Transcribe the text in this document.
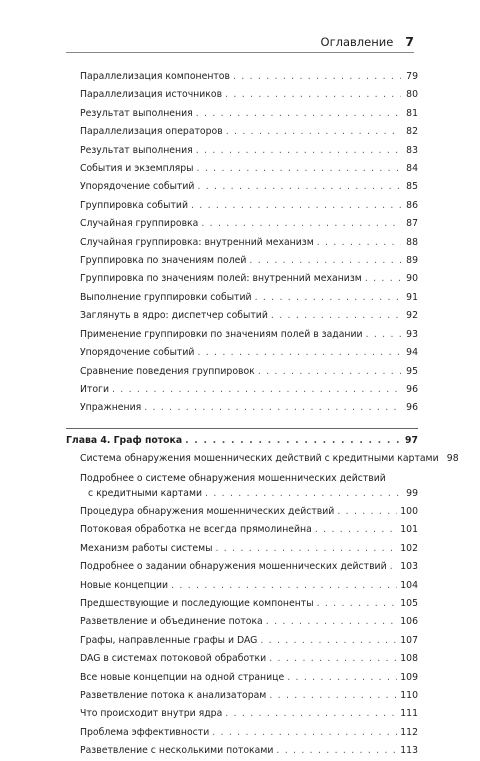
Оглавление 7
Параллелизация компонентов . . .	79
Параллелизация источников . . .	80
Результат выполнения . . .	81
Параллелизация операторов . . .	82
Результат выполнения . . .	83
События и экземпляры . . .	84
Упорядочение событий . . .	85
Группировка событий . . .	86
Случайная группировка . . .	87
Случайная группировка: внутренний механизм . . .	88
Группировка по значениям полей . . .	89
Группировка по значениям полей: внутренний механизм . . .	90
Выполнение группировки событий . . .	91
Заглянуть в ядро: диспетчер событий . . .	92
Применение группировки по значениям полей в задании . . .	93
Упорядочение событий . . .	94
Сравнение поведения группировок . . .	95
Итоги . . .	96
Упражнения . . .	96
Глава 4. Граф потока . . .	97
Система обнаружения мошеннических действий с кредитными картами 98
Подробнее о системе обнаружения мошеннических действий
с кредитными картами . . .	99
Процедура обнаружения мошеннических действий . . .	100
Потоковая обработка не всегда прямолинейна . . .	101
Механизм работы системы . . .	102
Подробнее о задании обнаружения мошеннических действий . . . 103
Новые концепции . . .	104
Предшествующие и последующие компоненты . . .	105
Разветвление и объединение потока . . .	106
Графы, направленные графы и DAG . . .	107
DAG в системах потоковой обработки . . .	108
Все новые концепции на одной странице . . .	109
Разветвление потока к анализаторам . . .	110
Что происходит внутри ядра . . .	111
Проблема эффективности . . .	112
Разветвление с несколькими потоками . . .	113
